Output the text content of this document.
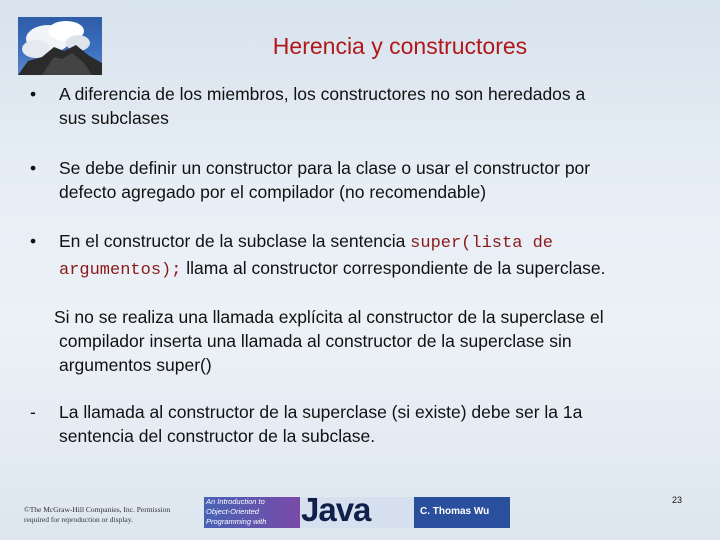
Herencia y constructores
• A diferencia de los miembros, los constructores no son heredados a
sus subclases

• Se debe definir un constructor para la clase o usar el constructor por
defecto agregado por el compilador (no recomendable)

• En el constructor de la subclase la sentencia super(lista de
argumentos); llama al constructor correspondiente de la superclase.

Si no se realiza una llamada explícita al constructor de la superclase el
compilador inserta una llamada al constructor de la superclase sin
argumentos super()

- La llamada al constructor de la superclase (si existe) debe ser la 1a
sentencia del constructor de la subclase.

©The McGraw-Hill Companies, Inc. Permission
required for reproduction or display.
An Introduction to
Object-Oriented
Programming with	Java	C. Thomas Wu
23
